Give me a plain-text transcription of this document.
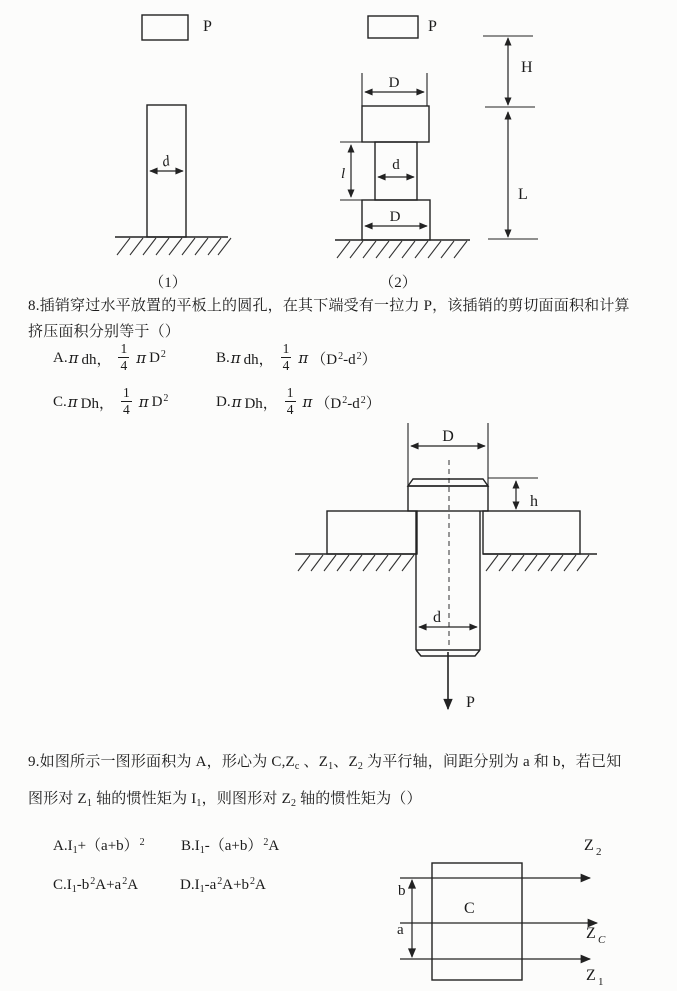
P
d
（1）
P
D
d
l
D
（2）
H
L
8.插销穿过水平放置的平板上的圆孔，在其下端受有一拉力 P，该插销的剪切面面积和计算
挤压面积分别等于（）
A. π dh， $\frac{1}{4}$ π $D^2$	B. π dh， $\frac{1}{4}$ π $(D^2-d^2)$
C. π Dh， $\frac{1}{4}$ π $D^2$	D. π Dh， $\frac{1}{4}$ π $(D^2-d^2)$
D
h
d
P
9.如图所示一图形面积为 A，形心为 $C,Z_c$ 、$Z_1$、$Z_2$ 为平行轴，间距分别为 a 和 b，若已知
图形对 $Z_1$ 轴的惯性矩为 $I_1$，则图形对 $Z_2$ 轴的惯性矩为（）
$A.I_1+(a+b)^2$ $B.I_1-(a+b)^2A$
$C.I_1-b^2A+a^2A$	$D.I_1-a^2A+b^2A$
C
Z 2
Z C
Z 1
b
a
